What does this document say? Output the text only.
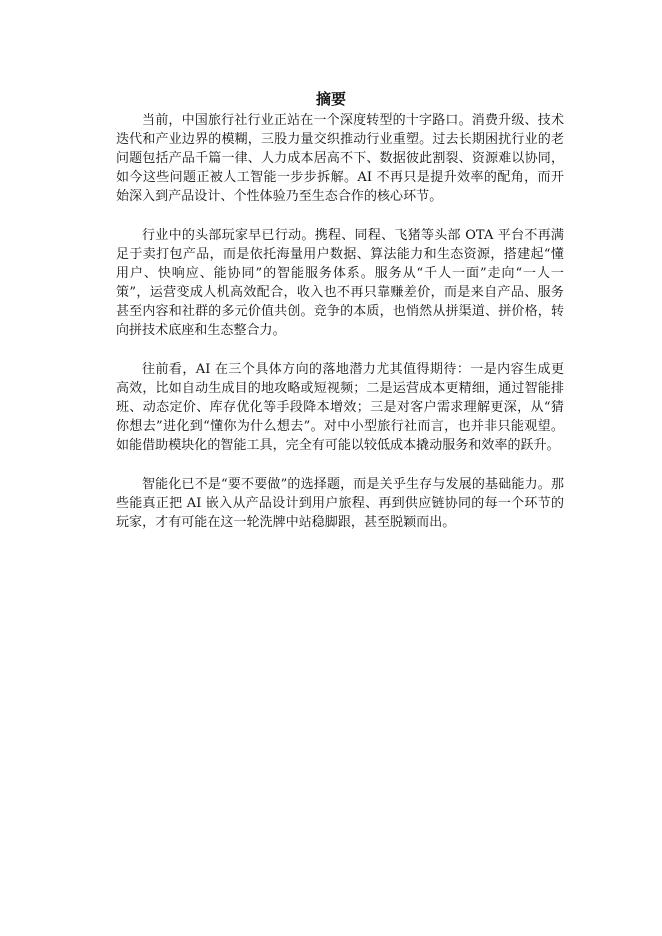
摘要

当前，中国旅行社行业正站在一个深度转型的十字路口。消费升级、技术迭代和产业边界的模糊，三股力量交织推动行业重塑。过去长期困扰行业的老问题包括产品千篇一律、人力成本居高不下、数据彼此割裂、资源难以协同，如今这些问题正被人工智能一步步拆解。AI 不再只是提升效率的配角，而开始深入到产品设计、个性体验乃至生态合作的核心环节。

行业中的头部玩家早已行动。携程、同程、飞猪等头部 OTA 平台不再满足于卖打包产品，而是依托海量用户数据、算法能力和生态资源，搭建起“懂用户、快响应、能协同”的智能服务体系。服务从“千人一面”走向“一人一策”，运营变成人机高效配合，收入也不再只靠赚差价，而是来自产品、服务甚至内容和社群的多元价值共创。竞争的本质，也悄然从拼渠道、拼价格，转向拼技术底座和生态整合力。

往前看，AI 在三个具体方向的落地潜力尤其值得期待：一是内容生成更高效，比如自动生成目的地攻略或短视频；二是运营成本更精细，通过智能排班、动态定价、库存优化等手段降本增效；三是对客户需求理解更深，从“猜你想去”进化到“懂你为什么想去”。对中小型旅行社而言，也并非只能观望。如能借助模块化的智能工具，完全有可能以较低成本撬动服务和效率的跃升。

智能化已不是“要不要做”的选择题，而是关乎生存与发展的基础能力。那些能真正把 AI 嵌入从产品设计到用户旅程、再到供应链协同的每一个环节的玩家，才有可能在这一轮洗牌中站稳脚跟，甚至脱颖而出。
